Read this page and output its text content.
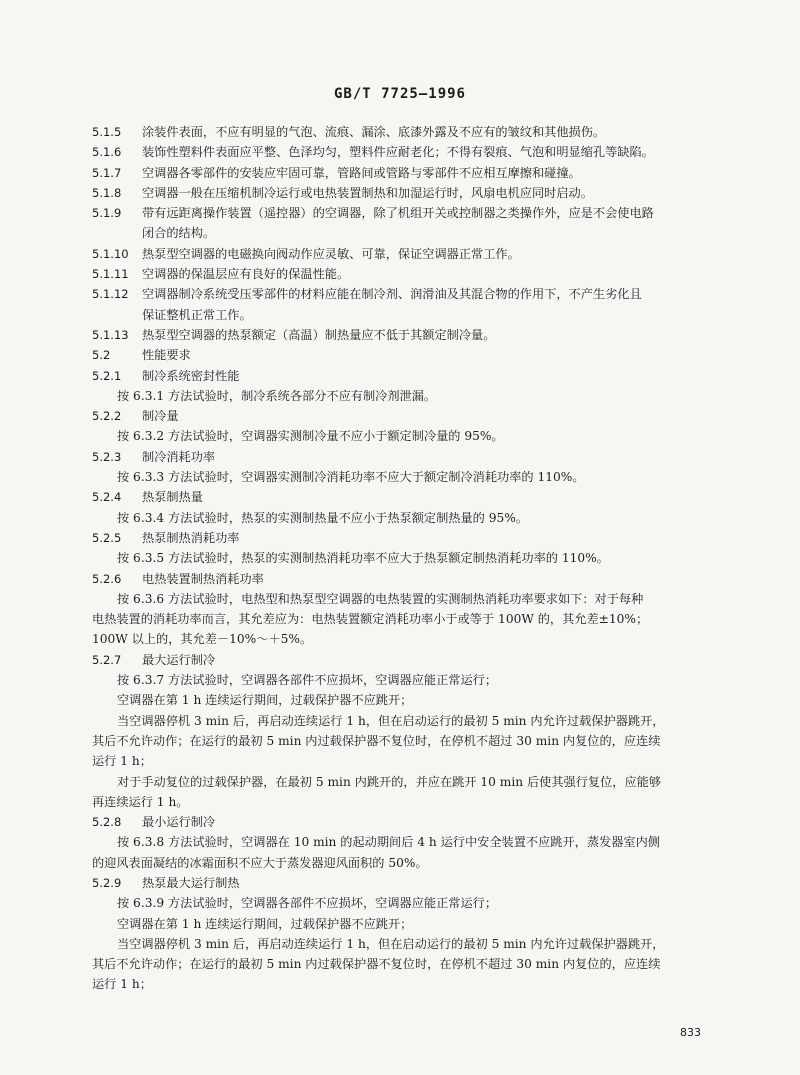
GB/T 7725—1996
5.1.5 涂装件表面，不应有明显的气泡、流痕、漏涂、底漆外露及不应有的皱纹和其他损伤。
5.1.6 装饰性塑料件表面应平整、色泽均匀，塑料件应耐老化；不得有裂痕、气泡和明显缩孔等缺陷。
5.1.7 空调器各零部件的安装应牢固可靠，管路间或管路与零部件不应相互摩擦和碰撞。
5.1.8 空调器一般在压缩机制冷运行或电热装置制热和加湿运行时，风扇电机应同时启动。
5.1.9 带有远距离操作装置（遥控器）的空调器，除了机组开关或控制器之类操作外，应是不会使电路
闭合的结构。
5.1.10 热泵型空调器的电磁换向阀动作应灵敏、可靠，保证空调器正常工作。
5.1.11 空调器的保温层应有良好的保温性能。
5.1.12 空调器制冷系统受压零部件的材料应能在制冷剂、润滑油及其混合物的作用下，不产生劣化且
保证整机正常工作。
5.1.13 热泵型空调器的热泵额定（高温）制热量应不低于其额定制冷量。
5.2	性能要求
5.2.1 制冷系统密封性能
按 6.3.1 方法试验时，制冷系统各部分不应有制冷剂泄漏。
5.2.2 制冷量
按 6.3.2 方法试验时，空调器实测制冷量不应小于额定制冷量的 95%。
5.2.3 制冷消耗功率
按 6.3.3 方法试验时，空调器实测制冷消耗功率不应大于额定制冷消耗功率的 110%。
5.2.4 热泵制热量
按 6.3.4 方法试验时，热泵的实测制热量不应小于热泵额定制热量的 95%。
5.2.5 热泵制热消耗功率
按 6.3.5 方法试验时，热泵的实测制热消耗功率不应大于热泵额定制热消耗功率的 110%。
5.2.6 电热装置制热消耗功率
按 6.3.6 方法试验时，电热型和热泵型空调器的电热装置的实测制热消耗功率要求如下：对于每种
电热装置的消耗功率而言，其允差应为：电热装置额定消耗功率小于或等于 100W 的，其允差±10%；
100W 以上的，其允差－10%～＋5%。
5.2.7 最大运行制冷
按 6.3.7 方法试验时，空调器各部件不应损坏，空调器应能正常运行；
空调器在第 1 h 连续运行期间，过载保护器不应跳开；
当空调器停机 3 min 后，再启动连续运行 1 h，但在启动运行的最初 5 min 内允许过载保护器跳开，
其后不允许动作；在运行的最初 5 min 内过载保护器不复位时，在停机不超过 30 min 内复位的，应连续
运行 1 h；
对于手动复位的过载保护器，在最初 5 min 内跳开的，并应在跳开 10 min 后使其强行复位，应能够
再连续运行 1 h。
5.2.8 最小运行制冷
按 6.3.8 方法试验时，空调器在 10 min 的起动期间后 4 h 运行中安全装置不应跳开，蒸发器室内侧
的迎风表面凝结的冰霜面积不应大于蒸发器迎风面积的 50%。
5.2.9 热泵最大运行制热
按 6.3.9 方法试验时，空调器各部件不应损坏，空调器应能正常运行；
空调器在第 1 h 连续运行期间，过载保护器不应跳开；
当空调器停机 3 min 后，再启动连续运行 1 h，但在启动运行的最初 5 min 内允许过载保护器跳开，
其后不允许动作；在运行的最初 5 min 内过载保护器不复位时，在停机不超过 30 min 内复位的，应连续
运行 1 h；
833
